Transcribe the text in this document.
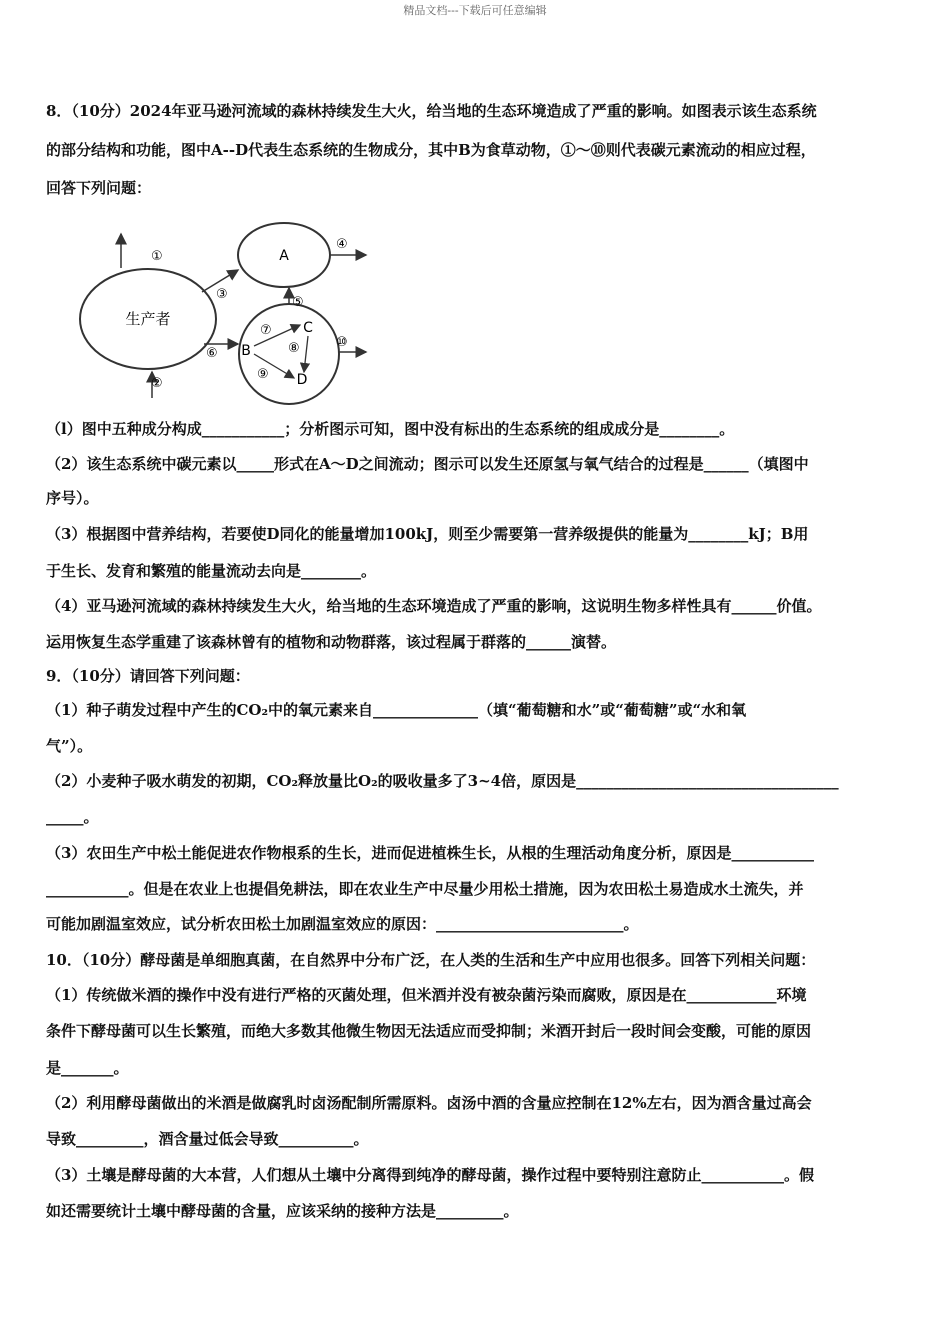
精品文档---下载后可任意编辑
8．（10分）2024年亚马逊河流域的森林持续发生大火，给当地的生态环境造成了严重的影响。如图表示该生态系统
的部分结构和功能，图中A--D代表生态系统的生物成分，其中B为食草动物，①～⑩则代表碳元素流动的相应过程，
回答下列问题：
生产者
A
B
C
D
①
②
③
④
⑤
⑥
⑦
⑧
⑨
⑩
（l）图中五种成分构成___________；分析图示可知，图中没有标出的生态系统的组成成分是________。
（2）该生态系统中碳元素以_____形式在A～D之间流动；图示可以发生还原氢与氧气结合的过程是______（填图中
序号）。
（3）根据图中营养结构，若要使D同化的能量增加100kJ，则至少需要第一营养级提供的能量为________kJ；B用
于生长、发育和繁殖的能量流动去向是________。
（4）亚马逊河流域的森林持续发生大火，给当地的生态环境造成了严重的影响，这说明生物多样性具有______价值。
运用恢复生态学重建了该森林曾有的植物和动物群落，该过程属于群落的______演替。
9．（10分）请回答下列问题：
（1）种子萌发过程中产生的CO₂中的氧元素来自______________（填“葡萄糖和水”或“葡萄糖”或“水和氧
气”）。
（2）小麦种子吸水萌发的初期，CO₂释放量比O₂的吸收量多了3~4倍，原因是___________________________________
_____。
（3）农田生产中松土能促进农作物根系的生长，进而促进植株生长，从根的生理活动角度分析，原因是___________
___________。但是在农业上也提倡免耕法，即在农业生产中尽量少用松土措施，因为农田松土易造成水土流失，并
可能加剧温室效应，试分析农田松土加剧温室效应的原因：_________________________。
10．（10分）酵母菌是单细胞真菌，在自然界中分布广泛，在人类的生活和生产中应用也很多。回答下列相关问题：
（1）传统做米酒的操作中没有进行严格的灭菌处理，但米酒并没有被杂菌污染而腐败，原因是在____________环境
条件下酵母菌可以生长繁殖，而绝大多数其他微生物因无法适应而受抑制；米酒开封后一段时间会变酸，可能的原因
是_______。
（2）利用酵母菌做出的米酒是做腐乳时卤汤配制所需原料。卤汤中酒的含量应控制在12%左右，因为酒含量过高会
导致_________，酒含量过低会导致__________。
（3）土壤是酵母菌的大本营，人们想从土壤中分离得到纯净的酵母菌，操作过程中要特别注意防止___________。假
如还需要统计土壤中酵母菌的含量，应该采纳的接种方法是_________。
